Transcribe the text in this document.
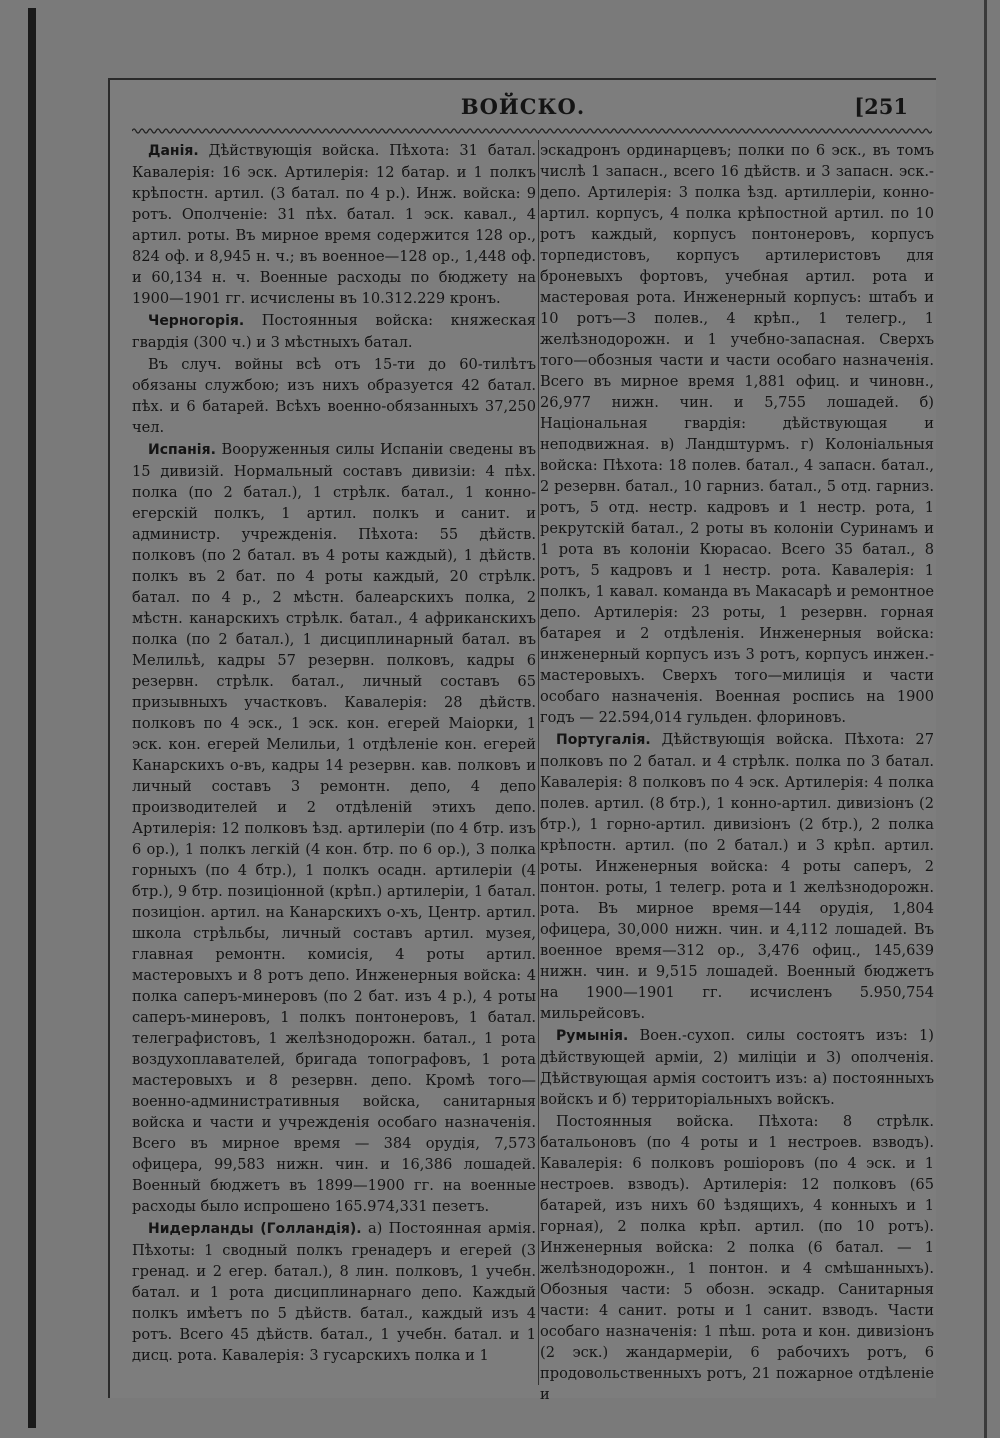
ВОЙСКО.	[251

Данія. Дѣйствующія войска. Пѣхота: 31 батал. Кавалерія: 16 эск. Артилерія: 12 батар. и 1 полкъ крѣпостн. артил. (3 батал. по 4 р.). Инж. войска: 9 ротъ. Ополченіе: 31 пѣх. батал. 1 эск. кавал., 4 артил. роты. Въ мирное время содержится 128 ор., 824 оф. и 8,945 н. ч.; въ военное—128 ор., 1,448 оф. и 60,134 н. ч. Военные расходы по бюджету на 1900—1901 гг. исчислены въ 10.312.229 кронъ.

Черногорія. Постоянныя войска: княжеская гвардія (300 ч.) и 3 мѣстныхъ батал.

Въ случ. войны всѣ отъ 15-ти до 60-тилѣтъ обязаны службою; изъ нихъ образуется 42 батал. пѣх. и 6 батарей. Всѣхъ военно-обязанныхъ 37,250 чел.

Испанія. Вооруженныя силы Испаніи сведены въ 15 дивизій. Нормальный составъ дивизіи: 4 пѣх. полка (по 2 батал.), 1 стрѣлк. батал., 1 конно-егерскій полкъ, 1 артил. полкъ и санит. и администр. учрежденія. Пѣхота: 55 дѣйств. полковъ (по 2 батал. въ 4 роты каждый), 1 дѣйств. полкъ въ 2 бат. по 4 роты каждый, 20 стрѣлк. батал. по 4 р., 2 мѣстн. балеарскихъ полка, 2 мѣстн. канарскихъ стрѣлк. батал., 4 африканскихъ полка (по 2 батал.), 1 дисциплинарный батал. въ Мелильѣ, кадры 57 резервн. полковъ, кадры 6 резервн. стрѣлк. батал., личный составъ 65 призывныхъ участковъ. Кавалерія: 28 дѣйств. полковъ по 4 эск., 1 эск. кон. егерей Маіорки, 1 эск. кон. егерей Мелильи, 1 отдѣленіе кон. егерей Канарскихъ о-въ, кадры 14 резервн. кав. полковъ и личный составъ 3 ремонтн. депо, 4 депо производителей и 2 отдѣленій этихъ депо. Артилерія: 12 полковъ ѣзд. артилеріи (по 4 бтр. изъ 6 ор.), 1 полкъ легкій (4 кон. бтр. по 6 ор.), 3 полка горныхъ (по 4 бтр.), 1 полкъ осадн. артилеріи (4 бтр.), 9 бтр. позиціонной (крѣп.) артилеріи, 1 батал. позиціон. артил. на Канарскихъ о-хъ, Центр. артил. школа стрѣльбы, личный составъ артил. музея, главная ремонтн. комисія, 4 роты артил. мастеровыхъ и 8 ротъ депо. Инженерныя войска: 4 полка саперъ-минеровъ (по 2 бат. изъ 4 р.), 4 роты саперъ-минеровъ, 1 полкъ понтонеровъ, 1 батал. телеграфистовъ, 1 желѣзнодорожн. батал., 1 рота воздухоплавателей, бригада топографовъ, 1 рота мастеровыхъ и 8 резервн. депо. Кромѣ того—военно-административныя войска, санитарныя войска и части и учрежденія особаго назначенія. Всего въ мирное время — 384 орудія, 7,573 офицера, 99,583 нижн. чин. и 16,386 лошадей. Военный бюджетъ въ 1899—1900 гг. на военные расходы было испрошено 165.974,331 пезетъ.

Нидерланды (Голландія). а) Постоянная армія. Пѣхоты: 1 сводный полкъ гренадеръ и егерей (3 гренад. и 2 егер. батал.), 8 лин. полковъ, 1 учебн. батал. и 1 рота дисциплинарнаго депо. Каждый полкъ имѣетъ по 5 дѣйств. батал., каждый изъ 4 ротъ. Всего 45 дѣйств. батал., 1 учебн. батал. и 1 дисц. рота. Кавалерія: 3 гусарскихъ полка и 1

эскадронъ ординарцевъ; полки по 6 эск., въ томъ числѣ 1 запасн., всего 16 дѣйств. и 3 запасн. эск.-депо. Артилерія: 3 полка ѣзд. артиллеріи, конно-артил. корпусъ, 4 полка крѣпостной артил. по 10 ротъ каждый, корпусъ понтонеровъ, корпусъ торпедистовъ, корпусъ артилеристовъ для броневыхъ фортовъ, учебная артил. рота и мастеровая рота. Инженерный корпусъ: штабъ и 10 ротъ—3 полев., 4 крѣп., 1 телегр., 1 желѣзнодорожн. и 1 учебно-запасная. Сверхъ того—обозныя части и части особаго назначенія. Всего въ мирное время 1,881 офиц. и чиновн., 26,977 нижн. чин. и 5,755 лошадей. б) Національная гвардія: дѣйствующая и неподвижная. в) Ландштурмъ. г) Колоніальныя войска: Пѣхота: 18 полев. батал., 4 запасн. батал., 2 резервн. батал., 10 гарниз. батал., 5 отд. гарниз. ротъ, 5 отд. нестр. кадровъ и 1 нестр. рота, 1 рекрутскій батал., 2 роты въ колоніи Суринамъ и 1 рота въ колоніи Кюрасао. Всего 35 батал., 8 ротъ, 5 кадровъ и 1 нестр. рота. Кавалерія: 1 полкъ, 1 кавал. команда въ Макасарѣ и ремонтное депо. Артилерія: 23 роты, 1 резервн. горная батарея и 2 отдѣленія. Инженерныя войска: инженерный корпусъ изъ 3 ротъ, корпусъ инжен.-мастеровыхъ. Сверхъ того—милиція и части особаго назначенія. Военная роспись на 1900 годъ — 22.594,014 гульден. флориновъ.

Португалія. Дѣйствующія войска. Пѣхота: 27 полковъ по 2 батал. и 4 стрѣлк. полка по 3 батал. Кавалерія: 8 полковъ по 4 эск. Артилерія: 4 полка полев. артил. (8 бтр.), 1 конно-артил. дивизіонъ (2 бтр.), 1 горно-артил. дивизіонъ (2 бтр.), 2 полка крѣпостн. артил. (по 2 батал.) и 3 крѣп. артил. роты. Инженерныя войска: 4 роты саперъ, 2 понтон. роты, 1 телегр. рота и 1 желѣзнодорожн. рота. Въ мирное время—144 орудія, 1,804 офицера, 30,000 нижн. чин. и 4,112 лошадей. Въ военное время—312 ор., 3,476 офиц., 145,639 нижн. чин. и 9,515 лошадей. Военный бюджетъ на 1900—1901 гг. исчисленъ 5.950,754 мильрейсовъ.

Румынія. Воен.-сухоп. силы состоятъ изъ: 1) дѣйствующей арміи, 2) миліціи и 3) ополченія. Дѣйствующая армія состоитъ изъ: а) постоянныхъ войскъ и б) территоріальныхъ войскъ.

Постоянныя войска. Пѣхота: 8 стрѣлк. батальоновъ (по 4 роты и 1 нестроев. взводъ). Кавалерія: 6 полковъ рошіоровъ (по 4 эск. и 1 нестроев. взводъ). Артилерія: 12 полковъ (65 батарей, изъ нихъ 60 ѣздящихъ, 4 конныхъ и 1 горная), 2 полка крѣп. артил. (по 10 ротъ). Инженерныя войска: 2 полка (6 батал. — 1 желѣзнодорожн., 1 понтон. и 4 смѣшанныхъ). Обозныя части: 5 обозн. эскадр. Санитарныя части: 4 санит. роты и 1 санит. взводъ. Части особаго назначенія: 1 пѣш. рота и кон. дивизіонъ (2 эск.) жандармеріи, 6 рабочихъ ротъ, 6 продовольственныхъ ротъ, 21 пожарное отдѣленіе и
